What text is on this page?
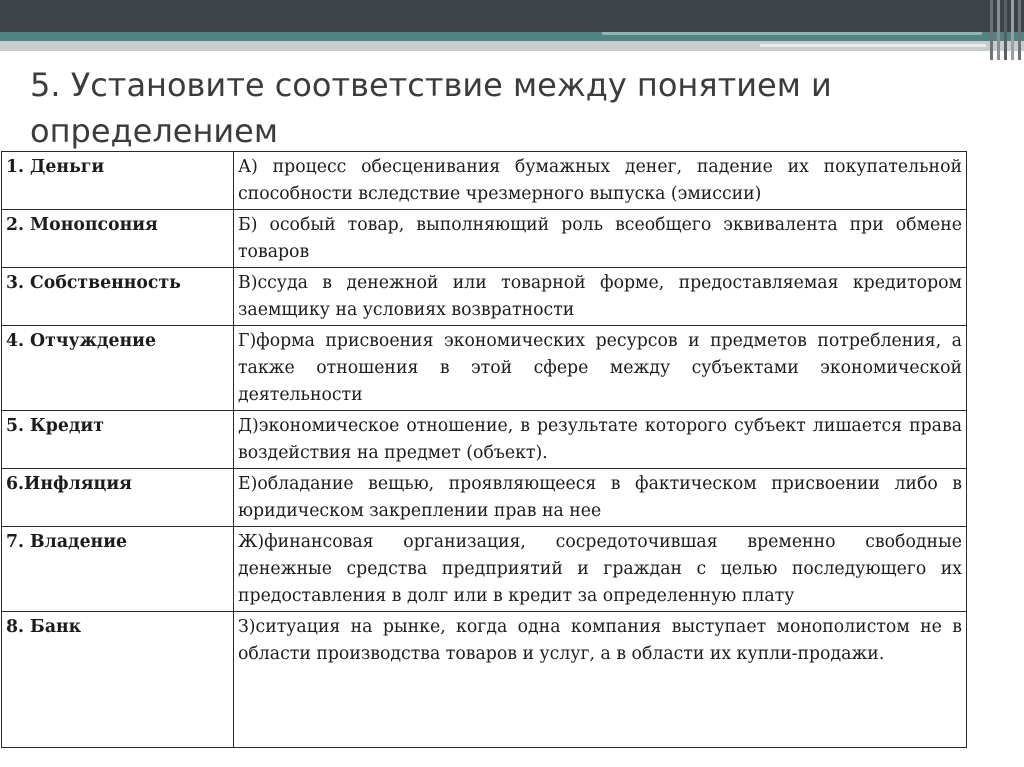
5. Установите соответствие между понятием и определением
1. Деньги	А) процесс обесценивания бумажных денег, падение их покупательной способности вследствие чрезмерного выпуска (эмиссии)
2. Монопсония	Б) особый товар, выполняющий роль всеобщего эквивалента при обмене товаров
3. Собственность	В)ссуда в денежной или товарной форме, предоставляемая кредитором заемщику на условиях возвратности
4. Отчуждение	Г)форма присвоения экономических ресурсов и предметов потребления, а также отношения в этой сфере между субъектами экономической деятельности
5. Кредит	Д)экономическое отношение, в результате которого субъект лишается права воздействия на предмет (объект).
6.Инфляция	Е)обладание вещью, проявляющееся в фактическом присвоении либо в юридическом закреплении прав на нее
7. Владение	Ж)финансовая организация, сосредоточившая временно свободные денежные средства предприятий и граждан с целью последующего их предоставления в долг или в кредит за определенную плату
8. Банк	З)ситуация на рынке, когда одна компания выступает монополистом не в области производства товаров и услуг, а в области их купли-продажи.
